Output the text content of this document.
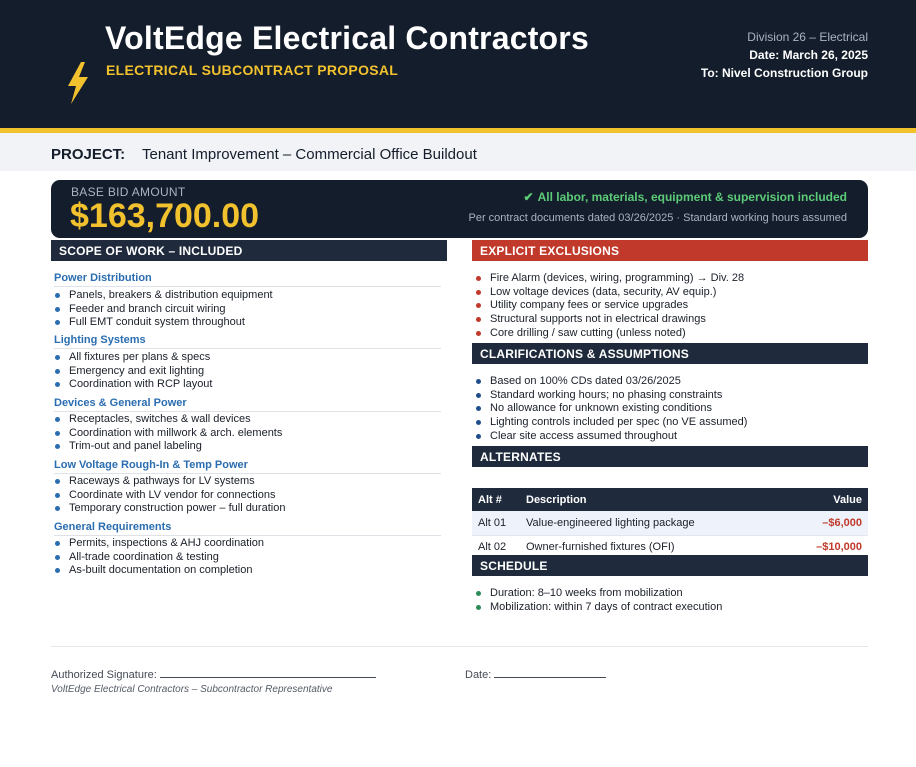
VoltEdge Electrical Contractors
ELECTRICAL SUBCONTRACT PROPOSAL
Division 26 – Electrical
Date: March 26, 2025
To: Nivel Construction Group
PROJECT: Tenant Improvement – Commercial Office Buildout
BASE BID AMOUNT
$163,700.00	✔ All labor, materials, equipment & supervision included
Per contract documents dated 03/26/2025 · Standard working hours assumed
SCOPE OF WORK – INCLUDED
Power Distribution
Panels, breakers & distribution equipment
Feeder and branch circuit wiring
Full EMT conduit system throughout
Lighting Systems
All fixtures per plans & specs
Emergency and exit lighting
Coordination with RCP layout
Devices & General Power
Receptacles, switches & wall devices
Coordination with millwork & arch. elements
Trim-out and panel labeling
Low Voltage Rough-In & Temp Power
Raceways & pathways for LV systems
Coordinate with LV vendor for connections
Temporary construction power – full duration
General Requirements
Permits, inspections & AHJ coordination
All-trade coordination & testing
As-built documentation on completion
EXPLICIT EXCLUSIONS
Fire Alarm (devices, wiring, programming) → Div. 28
Low voltage devices (data, security, AV equip.)
Utility company fees or service upgrades
Structural supports not in electrical drawings
Core drilling / saw cutting (unless noted)
CLARIFICATIONS & ASSUMPTIONS
Based on 100% CDs dated 03/26/2025
Standard working hours; no phasing constraints
No allowance for unknown existing conditions
Lighting controls included per spec (no VE assumed)
Clear site access assumed throughout
ALTERNATES
Alt #	Description	Value
Alt 01	Value-engineered lighting package	–$6,000
Alt 02	Owner-furnished fixtures (OFI)	–$10,000
SCHEDULE
Duration: 8–10 weeks from mobilization
Mobilization: within 7 days of contract execution
Authorized Signature:
VoltEdge Electrical Contractors – Subcontractor Representative
Date:
